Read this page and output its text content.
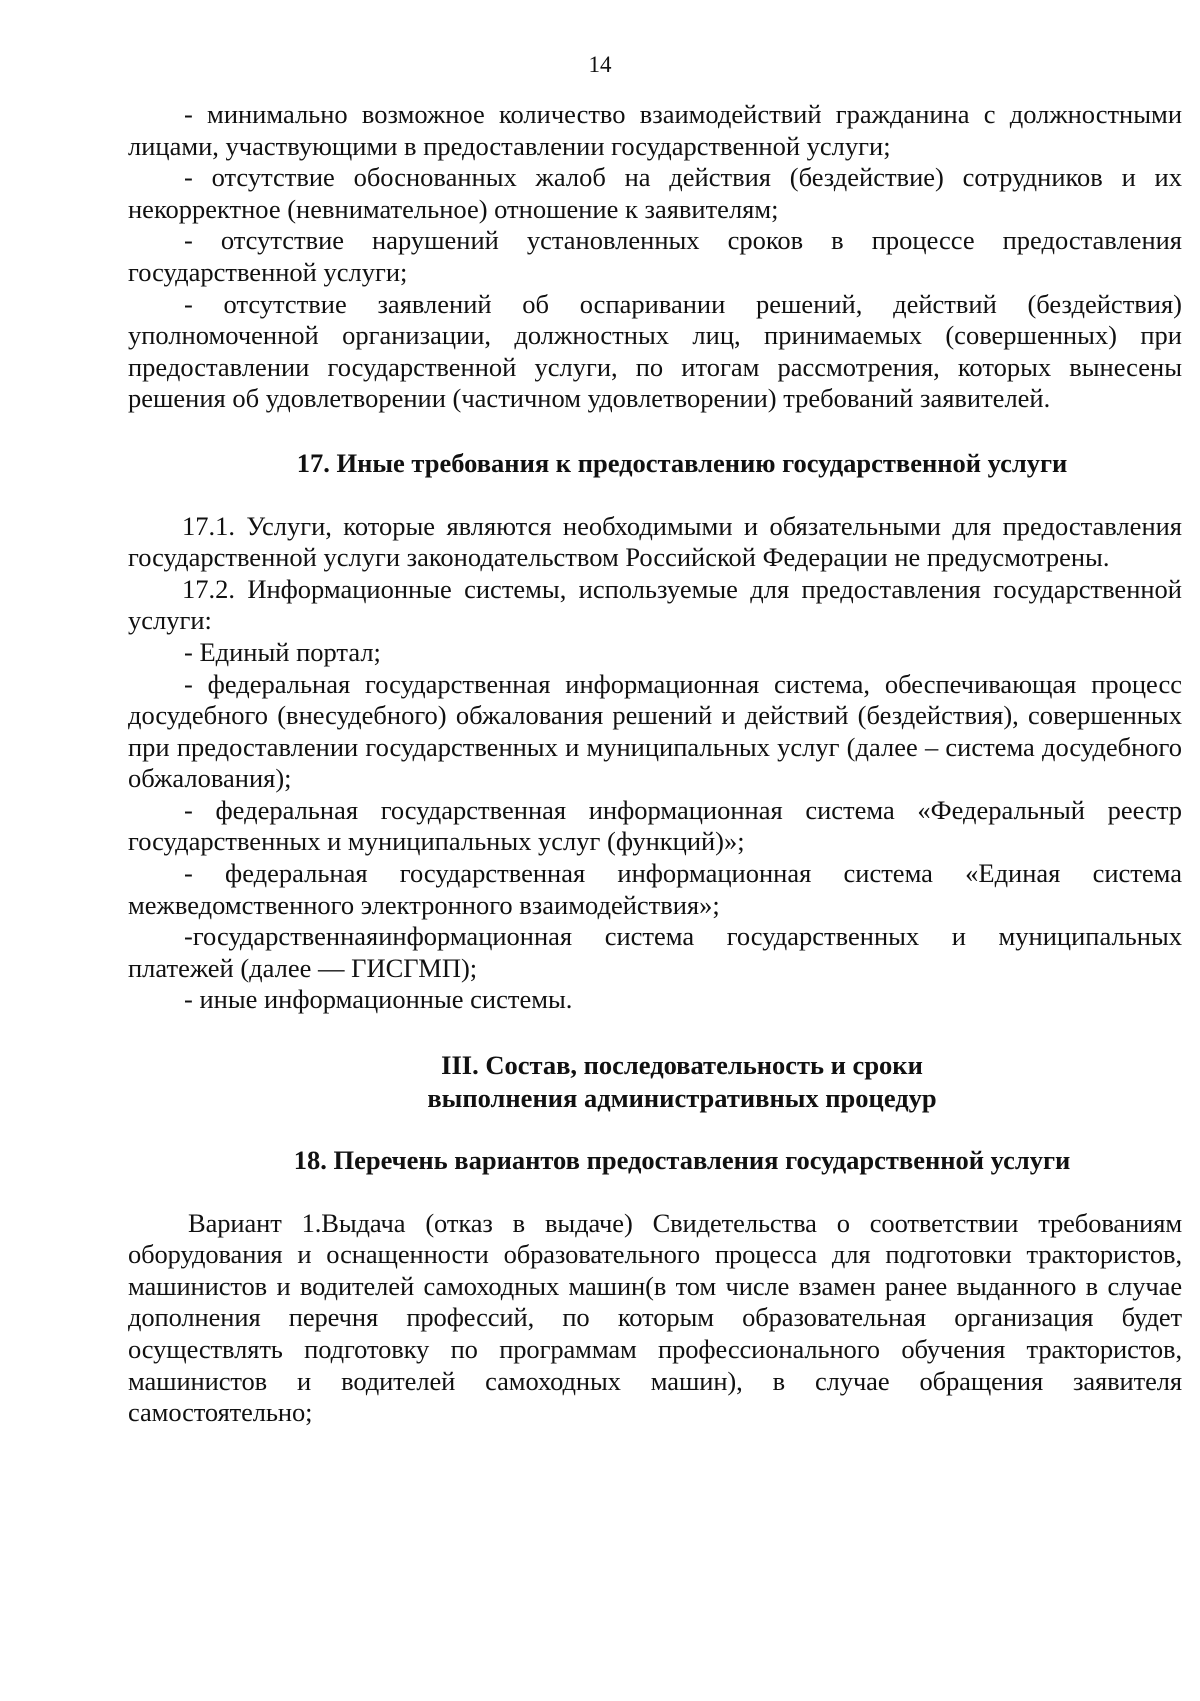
14

- минимально возможное количество взаимодействий гражданина с должностными лицами, участвующими в предоставлении государственной услуги;

- отсутствие обоснованных жалоб на действия (бездействие) сотрудников и их некорректное (невнимательное) отношение к заявителям;

- отсутствие нарушений установленных сроков в процессе предоставления государственной услуги;

- отсутствие заявлений об оспаривании решений, действий (бездействия) уполномоченной организации, должностных лиц, принимаемых (совершенных) при предоставлении государственной услуги, по итогам рассмотрения, которых вынесены решения об удовлетворении (частичном удовлетворении) требований заявителей.

17. Иные требования к предоставлению государственной услуги

17.1. Услуги, которые являются необходимыми и обязательными для предоставления государственной услуги законодательством Российской Федерации не предусмотрены.

17.2. Информационные системы, используемые для предоставления государственной услуги:

- Единый портал;

- федеральная государственная информационная система, обеспечивающая процесс досудебного (внесудебного) обжалования решений и действий (бездействия), совершенных при предоставлении государственных и муниципальных услуг (далее – система досудебного обжалования);

- федеральная государственная информационная система «Федеральный реестр государственных и муниципальных услуг (функций)»;

- федеральная государственная информационная система «Единая система межведомственного электронного взаимодействия»;

-государственнаяинформационная система государственных и муниципальных платежей (далее — ГИСГМП);

- иные информационные системы.

III. Состав, последовательность и сроки
выполнения административных процедур
18. Перечень вариантов предоставления государственной услуги

Вариант 1.Выдача (отказ в выдаче) Свидетельства о соответствии требованиям оборудования и оснащенности образовательного процесса для подготовки трактористов, машинистов и водителей самоходных машин(в том числе взамен ранее выданного в случае дополнения перечня профессий, по которым образовательная организация будет осуществлять подготовку по программам профессионального обучения трактористов, машинистов и водителей самоходных машин), в случае обращения заявителя самостоятельно;
